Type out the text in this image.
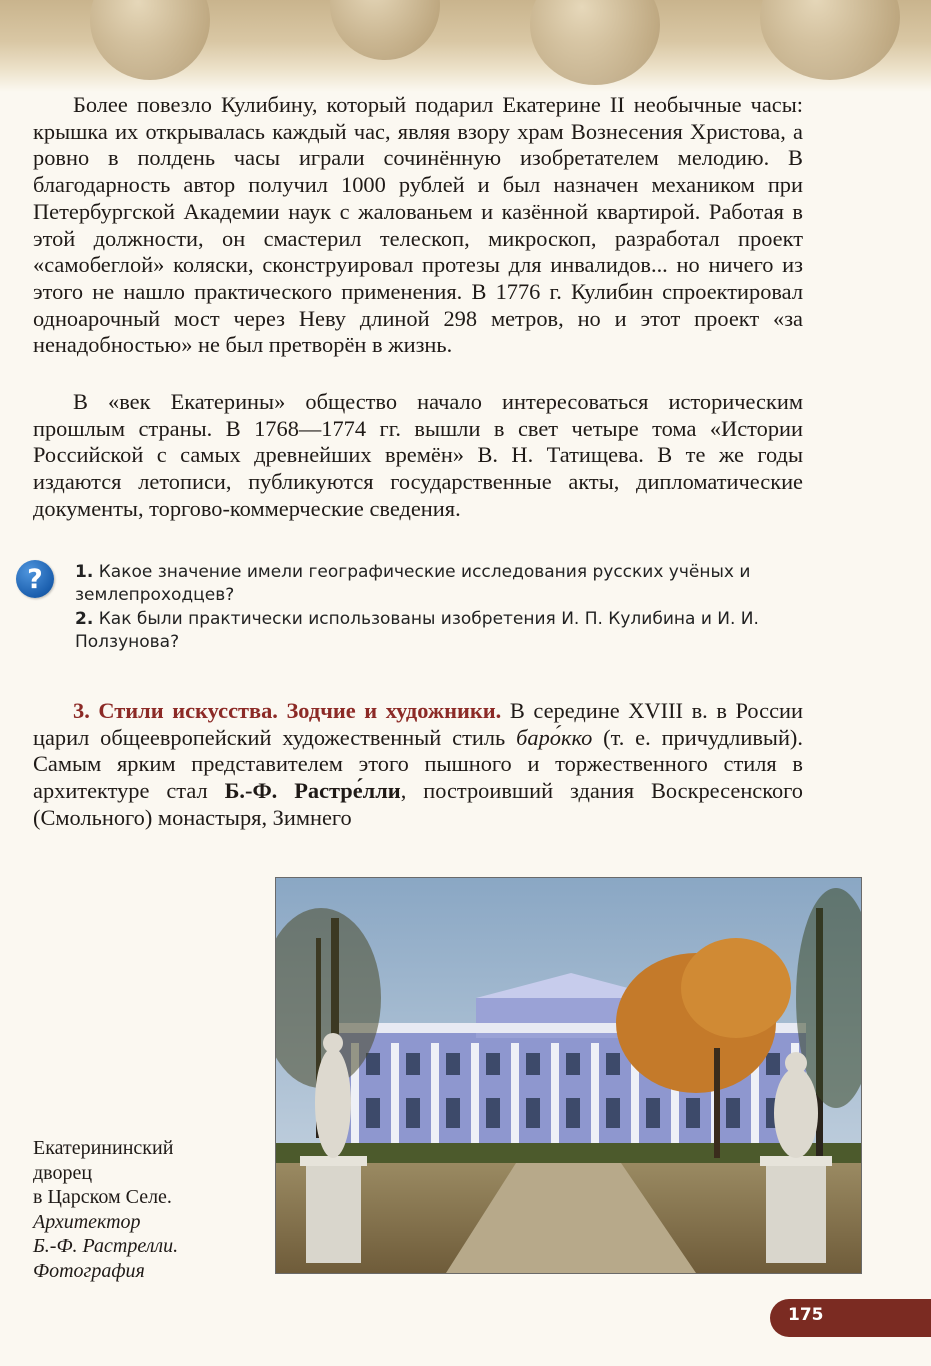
Более повезло Кулибину, который подарил Екатерине II необычные часы: крышка их открывалась каждый час, являя взору храм Вознесения Христова, а ровно в полдень часы играли сочинённую изобретателем мелодию. В благодарность автор получил 1000 рублей и был назначен механиком при Петербургской Академии наук с жалованьем и казённой квартирой. Работая в этой должности, он смастерил телескоп, микроскоп, разработал проект «самобеглой» коляски, сконструировал протезы для инвалидов... но ничего из этого не нашло практического применения. В 1776 г. Кулибин спроектировал одноарочный мост через Неву длиной 298 метров, но и этот проект «за ненадобностью» не был претворён в жизнь.

В «век Екатерины» общество начало интересоваться историческим прошлым страны. В 1768—1774 гг. вышли в свет четыре тома «Истории Российской с самых древнейших времён» В. Н. Татищева. В те же годы издаются летописи, публикуются государственные акты, дипломатические документы, торгово-коммерческие сведения.

?	1. Какое значение имели географические исследования русских учёных и землепроходцев?

2. Как были практически использованы изобретения И. П. Кулибина и И. И. Ползунова?

3. Стили искусства. Зодчие и художники. В середине XVIII в. в России царил общеевропейский художественный стиль баро́кко (т. е. причудливый). Самым ярким представителем этого пышного и торжественного стиля в архитектуре стал Б.-Ф. Растре́лли, построивший здания Воскресенского (Смольного) монастыря, Зимнего

Екатерининский
дворец
в Царском Селе.
Архитектор
Б.-Ф. Растрелли.
Фотография
175
